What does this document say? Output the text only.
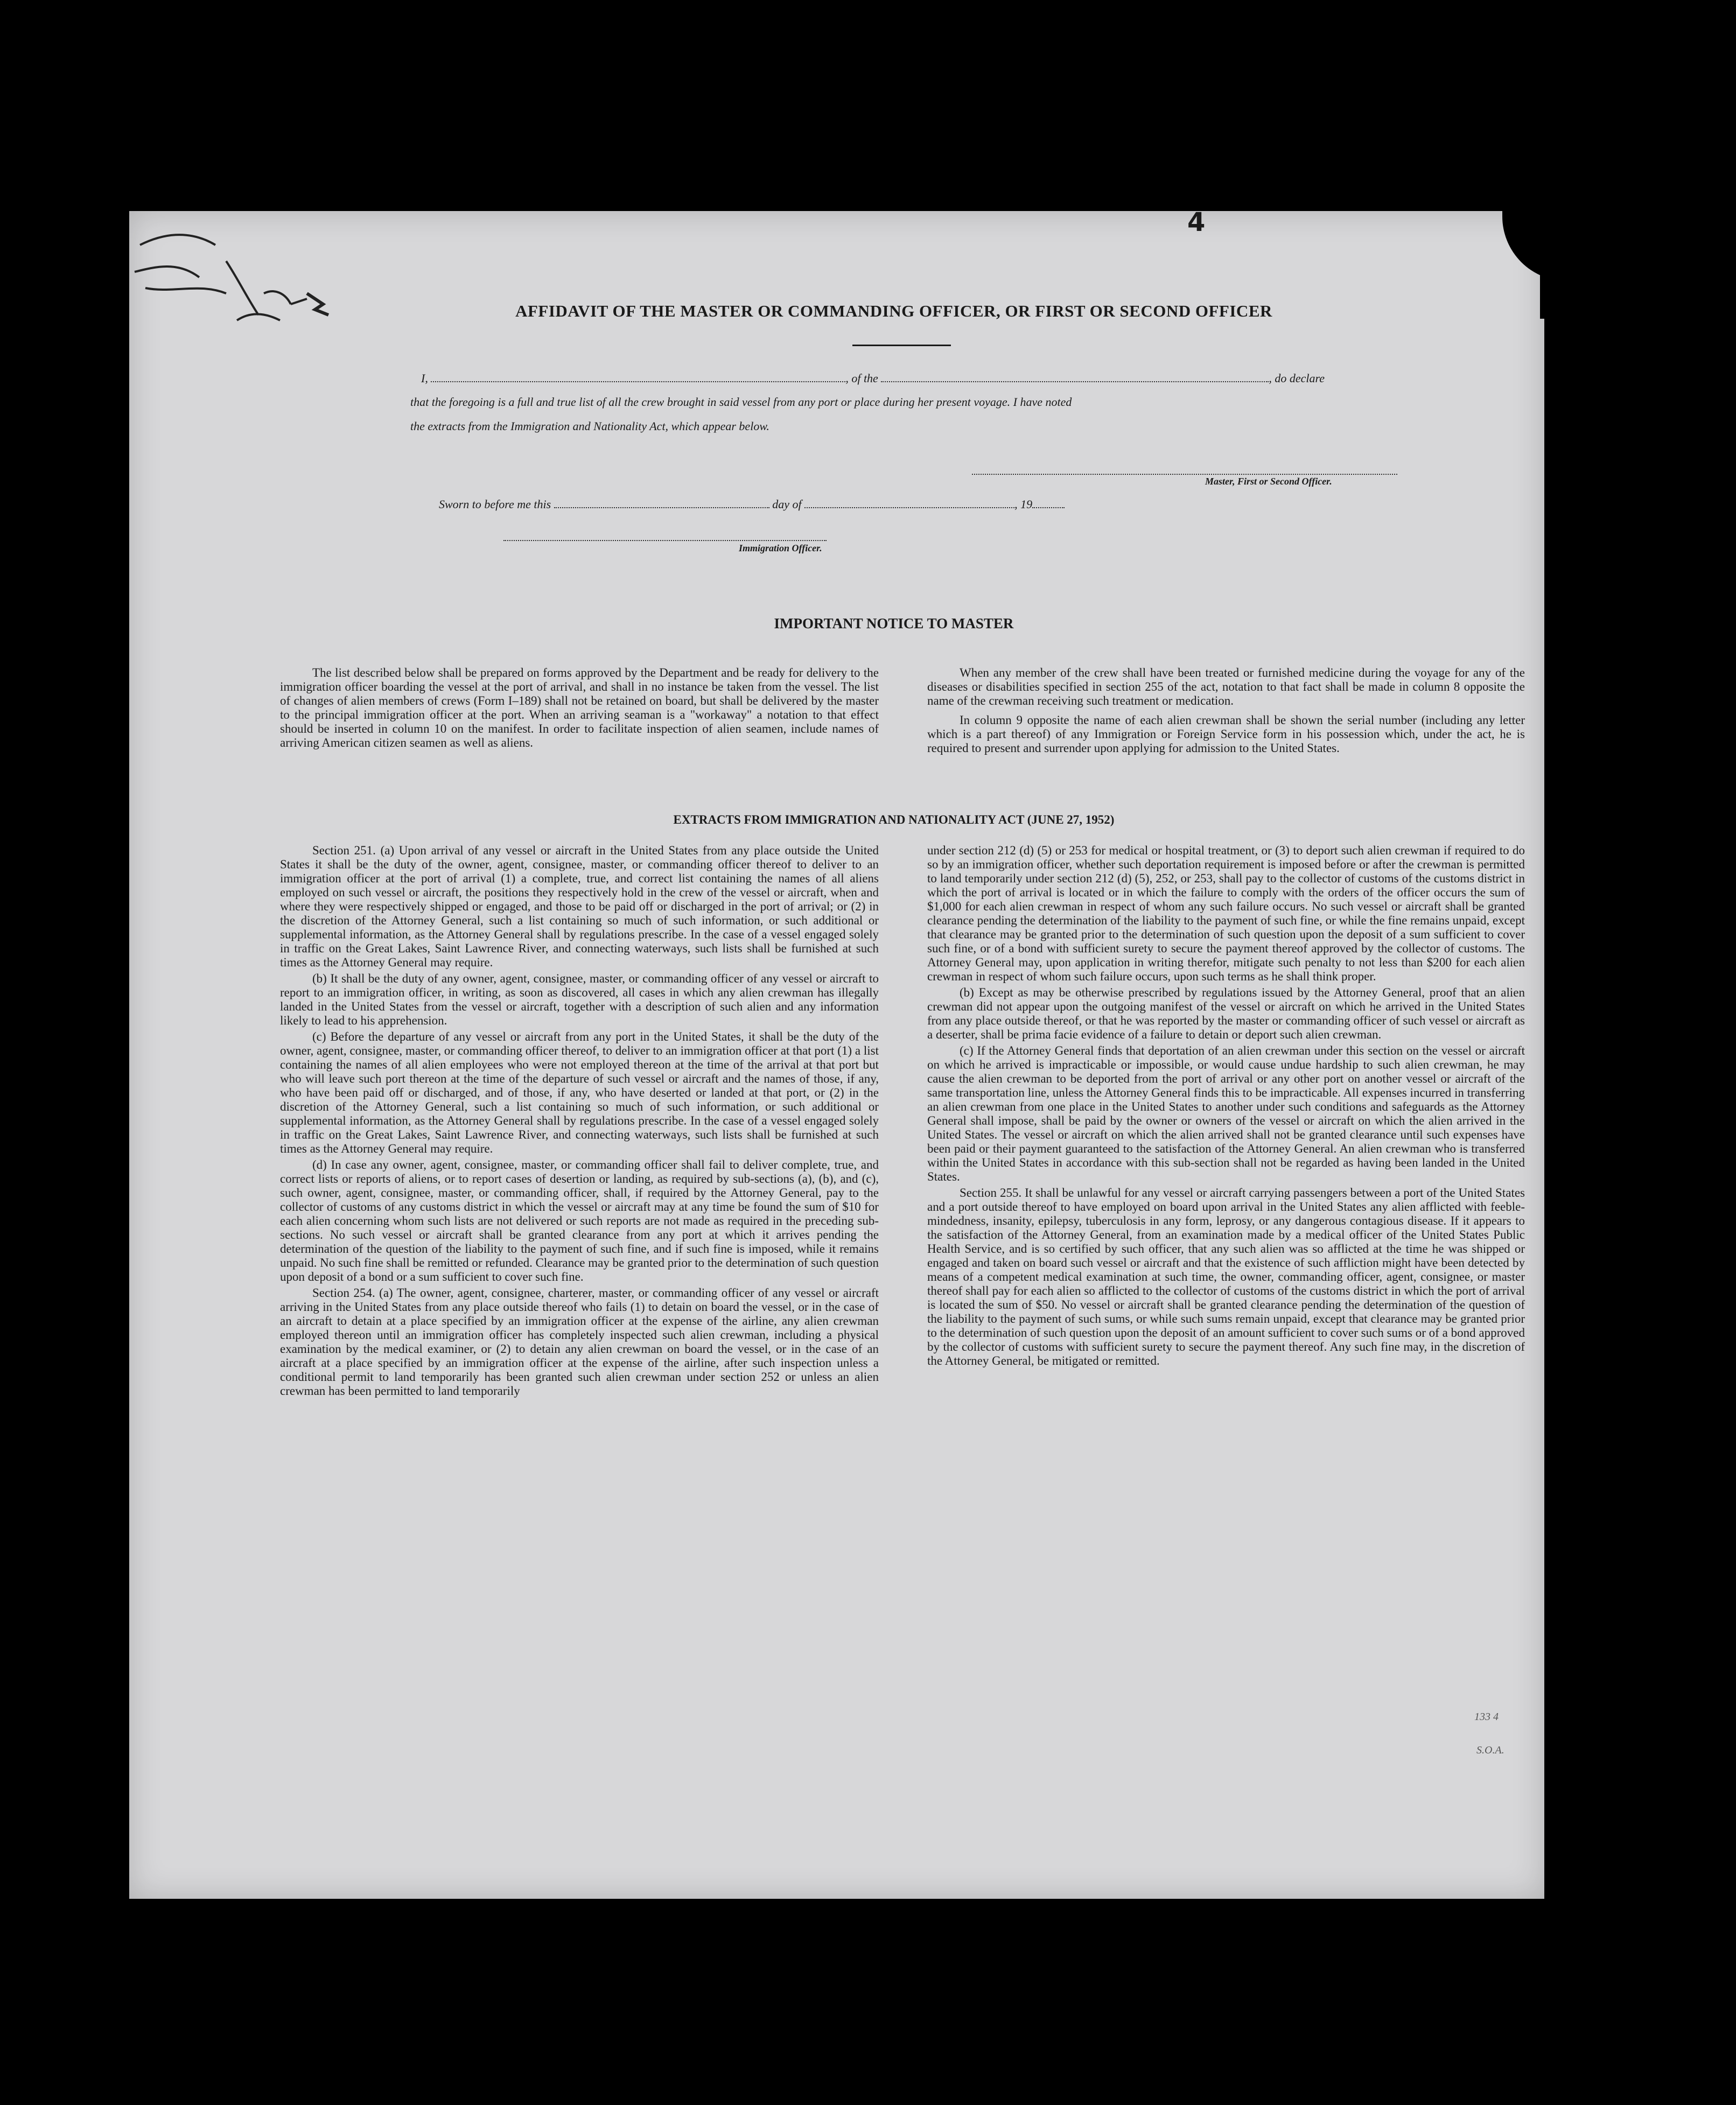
4
AFFIDAVIT OF THE MASTER OR COMMANDING OFFICER, OR FIRST OR SECOND OFFICER
I,	, of the	, do declare
that the foregoing is a full and true list of all the crew brought in said vessel from any port or place during her present voyage. I have noted
the extracts from the Immigration and Nationality Act, which appear below.
Master, First or Second Officer.
Sworn to before me this	day of	, 19
Immigration Officer.
IMPORTANT NOTICE TO MASTER

The list described below shall be prepared on forms approved by the Department and be ready for delivery to the immigration officer boarding the vessel at the port of arrival, and shall in no instance be taken from the vessel. The list of changes of alien members of crews (Form I–189) shall not be retained on board, but shall be delivered by the master to the principal immigration officer at the port. When an arriving seaman is a "workaway" a notation to that effect should be inserted in column 10 on the manifest. In order to facilitate inspection of alien seamen, include names of arriving American citizen seamen as well as aliens.

When any member of the crew shall have been treated or furnished medicine during the voyage for any of the diseases or disabilities specified in section 255 of the act, notation to that fact shall be made in column 8 opposite the name of the crewman receiving such treatment or medication.

In column 9 opposite the name of each alien crewman shall be shown the serial number (including any letter which is a part thereof) of any Immigration or Foreign Service form in his possession which, under the act, he is required to present and surrender upon applying for admission to the United States.

EXTRACTS FROM IMMIGRATION AND NATIONALITY ACT (JUNE 27, 1952)

Section 251. (a) Upon arrival of any vessel or aircraft in the United States from any place outside the United States it shall be the duty of the owner, agent, consignee, master, or commanding officer thereof to deliver to an immigration officer at the port of arrival (1) a complete, true, and correct list containing the names of all aliens employed on such vessel or aircraft, the positions they respectively hold in the crew of the vessel or aircraft, when and where they were respectively shipped or engaged, and those to be paid off or discharged in the port of arrival; or (2) in the discretion of the Attorney General, such a list containing so much of such information, or such additional or supplemental information, as the Attorney General shall by regulations prescribe. In the case of a vessel engaged solely in traffic on the Great Lakes, Saint Lawrence River, and connecting waterways, such lists shall be furnished at such times as the Attorney General may require.

(b) It shall be the duty of any owner, agent, consignee, master, or commanding officer of any vessel or aircraft to report to an immigration officer, in writing, as soon as discovered, all cases in which any alien crewman has illegally landed in the United States from the vessel or aircraft, together with a description of such alien and any information likely to lead to his apprehension.

(c) Before the departure of any vessel or aircraft from any port in the United States, it shall be the duty of the owner, agent, consignee, master, or commanding officer thereof, to deliver to an immigration officer at that port (1) a list containing the names of all alien employees who were not employed thereon at the time of the arrival at that port but who will leave such port thereon at the time of the departure of such vessel or aircraft and the names of those, if any, who have been paid off or discharged, and of those, if any, who have deserted or landed at that port, or (2) in the discretion of the Attorney General, such a list containing so much of such information, or such additional or supplemental information, as the Attorney General shall by regulations prescribe. In the case of a vessel engaged solely in traffic on the Great Lakes, Saint Lawrence River, and connecting waterways, such lists shall be furnished at such times as the Attorney General may require.

(d) In case any owner, agent, consignee, master, or commanding officer shall fail to deliver complete, true, and correct lists or reports of aliens, or to report cases of desertion or landing, as required by sub-sections (a), (b), and (c), such owner, agent, consignee, master, or commanding officer, shall, if required by the Attorney General, pay to the collector of customs of any customs district in which the vessel or aircraft may at any time be found the sum of $10 for each alien concerning whom such lists are not delivered or such reports are not made as required in the preceding sub-sections. No such vessel or aircraft shall be granted clearance from any port at which it arrives pending the determination of the question of the liability to the payment of such fine, and if such fine is imposed, while it remains unpaid. No such fine shall be remitted or refunded. Clearance may be granted prior to the determination of such question upon deposit of a bond or a sum sufficient to cover such fine.

Section 254. (a) The owner, agent, consignee, charterer, master, or commanding officer of any vessel or aircraft arriving in the United States from any place outside thereof who fails (1) to detain on board the vessel, or in the case of an aircraft to detain at a place specified by an immigration officer at the expense of the airline, any alien crewman employed thereon until an immigration officer has completely inspected such alien crewman, including a physical examination by the medical examiner, or (2) to detain any alien crewman on board the vessel, or in the case of an aircraft at a place specified by an immigration officer at the expense of the airline, after such inspection unless a conditional permit to land temporarily has been granted such alien crewman under section 252 or unless an alien crewman has been permitted to land temporarily

under section 212 (d) (5) or 253 for medical or hospital treatment, or (3) to deport such alien crewman if required to do so by an immigration officer, whether such deportation requirement is imposed before or after the crewman is permitted to land temporarily under section 212 (d) (5), 252, or 253, shall pay to the collector of customs of the customs district in which the port of arrival is located or in which the failure to comply with the orders of the officer occurs the sum of $1,000 for each alien crewman in respect of whom any such failure occurs. No such vessel or aircraft shall be granted clearance pending the determination of the liability to the payment of such fine, or while the fine remains unpaid, except that clearance may be granted prior to the determination of such question upon the deposit of a sum sufficient to cover such fine, or of a bond with sufficient surety to secure the payment thereof approved by the collector of customs. The Attorney General may, upon application in writing therefor, mitigate such penalty to not less than $200 for each alien crewman in respect of whom such failure occurs, upon such terms as he shall think proper.

(b) Except as may be otherwise prescribed by regulations issued by the Attorney General, proof that an alien crewman did not appear upon the outgoing manifest of the vessel or aircraft on which he arrived in the United States from any place outside thereof, or that he was reported by the master or commanding officer of such vessel or aircraft as a deserter, shall be prima facie evidence of a failure to detain or deport such alien crewman.

(c) If the Attorney General finds that deportation of an alien crewman under this section on the vessel or aircraft on which he arrived is impracticable or impossible, or would cause undue hardship to such alien crewman, he may cause the alien crewman to be deported from the port of arrival or any other port on another vessel or aircraft of the same transportation line, unless the Attorney General finds this to be impracticable. All expenses incurred in transferring an alien crewman from one place in the United States to another under such conditions and safeguards as the Attorney General shall impose, shall be paid by the owner or owners of the vessel or aircraft on which the alien arrived in the United States. The vessel or aircraft on which the alien arrived shall not be granted clearance until such expenses have been paid or their payment guaranteed to the satisfaction of the Attorney General. An alien crewman who is transferred within the United States in accordance with this sub-section shall not be regarded as having been landed in the United States.

Section 255. It shall be unlawful for any vessel or aircraft carrying passengers between a port of the United States and a port outside thereof to have employed on board upon arrival in the United States any alien afflicted with feeble-mindedness, insanity, epilepsy, tuberculosis in any form, leprosy, or any dangerous contagious disease. If it appears to the satisfaction of the Attorney General, from an examination made by a medical officer of the United States Public Health Service, and is so certified by such officer, that any such alien was so afflicted at the time he was shipped or engaged and taken on board such vessel or aircraft and that the existence of such affliction might have been detected by means of a competent medical examination at such time, the owner, commanding officer, agent, consignee, or master thereof shall pay for each alien so afflicted to the collector of customs of the customs district in which the port of arrival is located the sum of $50. No vessel or aircraft shall be granted clearance pending the determination of the question of the liability to the payment of such sums, or while such sums remain unpaid, except that clearance may be granted prior to the determination of such question upon the deposit of an amount sufficient to cover such sums or of a bond approved by the collector of customs with sufficient surety to secure the payment thereof. Any such fine may, in the discretion of the Attorney General, be mitigated or remitted.

133 4
S.O.A.
